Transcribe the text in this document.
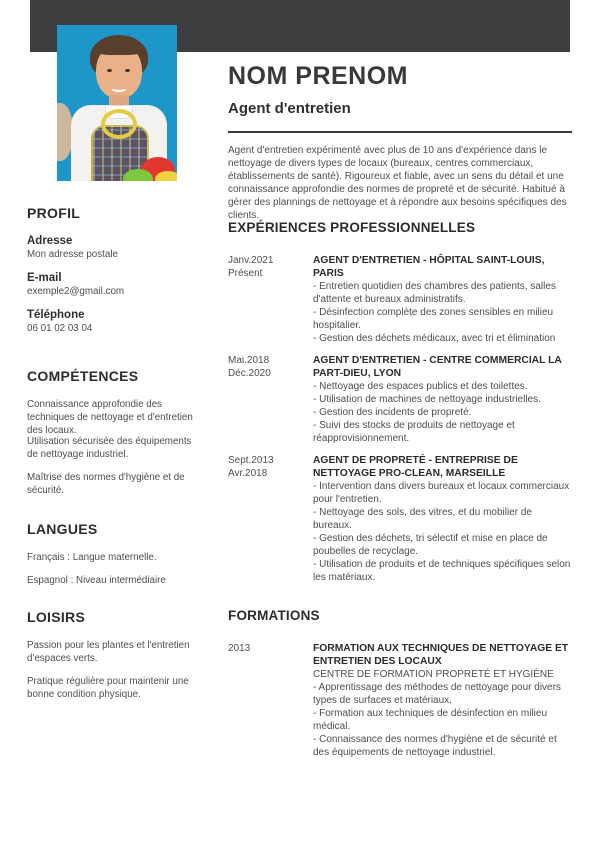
NOM PRENOM
Agent d'entretien
Agent d'entretien expérimenté avec plus de 10 ans d'expérience dans le nettoyage de divers types de locaux (bureaux, centres commerciaux, établissements de santé). Rigoureux et fiable, avec un sens du détail et une connaissance approfondie des normes de propreté et de sécurité. Habitué à gérer des plannings de nettoyage et à répondre aux besoins spécifiques des clients.
PROFIL
Adresse
Mon adresse postale
E-mail
exemple2@gmail.com
Téléphone
06 01 02 03 04
COMPÉTENCES
Connaissance approfondie des techniques de nettoyage et d'entretien des locaux.
Utilisation sécurisée des équipements de nettoyage industriel.
Maîtrise des normes d'hygiène et de sécurité.
LANGUES
Français : Langue maternelle.
Espagnol : Niveau intermédiaire
LOISIRS
Passion pour les plantes et l'entretien d'espaces verts.
Pratique régulière pour maintenir une bonne condition physique.
EXPÉRIENCES PROFESSIONNELLES
Janv.2021
Présent
AGENT D'ENTRETIEN - HÔPITAL SAINT-LOUIS, PARIS
- Entretien quotidien des chambres des patients, salles d'attente et bureaux administratifs.
- Désinfection complète des zones sensibles en milieu hospitalier.
- Gestion des déchets médicaux, avec tri et élimination
Mai.2018
Déc.2020
AGENT D'ENTRETIEN - CENTRE COMMERCIAL LA PART-DIEU, LYON
- Nettoyage des espaces publics et des toilettes.
- Utilisation de machines de nettoyage industrielles.
- Gestion des incidents de propreté.
- Suivi des stocks de produits de nettoyage et réapprovisionnement.
Sept.2013
Avr.2018
AGENT DE PROPRETÉ - ENTREPRISE DE NETTOYAGE PRO-CLEAN, MARSEILLE
- Intervention dans divers bureaux et locaux commerciaux pour l'entretien.
- Nettoyage des sols, des vitres, et du mobilier de bureaux.
- Gestion des déchets, tri sélectif et mise en place de poubelles de recyclage.
- Utilisation de produits et de techniques spécifiques selon les matériaux.
FORMATIONS
2013	FORMATION AUX TECHNIQUES DE NETTOYAGE ET ENTRETIEN DES LOCAUX
CENTRE DE FORMATION PROPRETÉ ET HYGIÈNE
- Apprentissage des méthodes de nettoyage pour divers types de surfaces et matériaux.
- Formation aux techniques de désinfection en milieu médical.
- Connaissance des normes d'hygiène et de sécurité et des équipements de nettoyage industriel.
